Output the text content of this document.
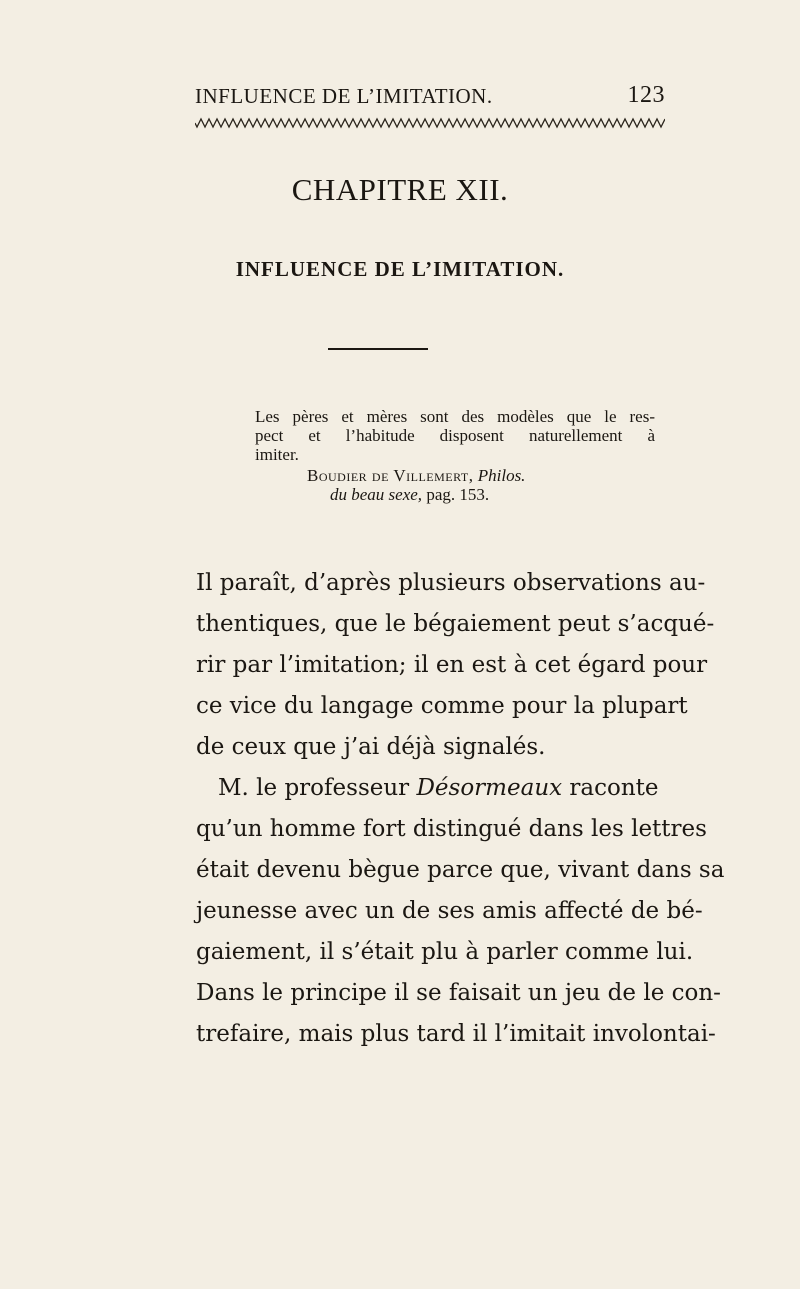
INFLUENCE DE L’IMITATION.	123
CHAPITRE XII.
INFLUENCE DE L’IMITATION.
Les pères et mères sont des modèles que le res-
pect et l’habitude disposent naturellement à
imiter.
Boudier de Villemert, Philos.
du beau sexe, pag. 153.
Il paraît, d’après plusieurs observations au-
thentiques, que le bégaiement peut s’acqué-
rir par l’imitation; il en est à cet égard pour
ce vice du langage comme pour la plupart
de ceux que j’ai déjà signalés.
M. le professeur Désormeaux raconte
qu’un homme fort distingué dans les lettres
était devenu bègue parce que, vivant dans sa
jeunesse avec un de ses amis affecté de bé-
gaiement, il s’était plu à parler comme lui.
Dans le principe il se faisait un jeu de le con-
trefaire, mais plus tard il l’imitait involontai-
